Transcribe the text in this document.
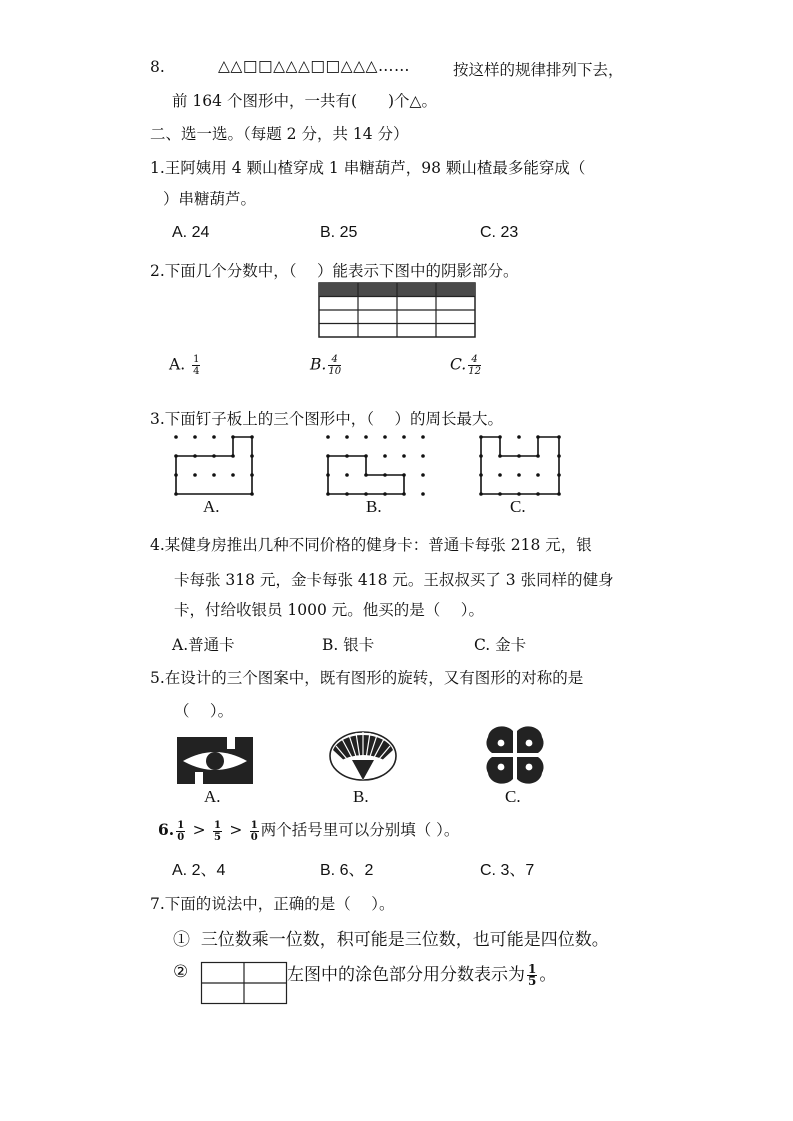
8.	△△□□△△△□□△△△……	按这样的规律排列下去，
前 164 个图形中，一共有(　　)个△。
二、选一选。（每题 2 分，共 14 分）
1.王阿姨用 4 颗山楂穿成 1 串糖葫芦，98 颗山楂最多能穿成（
）串糖葫芦。
A. 24	B. 25	C. 23
2.下面几个分数中，（　 ）能表示下图中的阴影部分。
A. $\frac{1}{4}$	B. $\frac{4}{10}$	C. $\frac{4}{12}$
3.下面钉子板上的三个图形中，（　 ）的周长最大。
A.	B.	C.
4.某健身房推出几种不同价格的健身卡：普通卡每张 218 元，银
卡每张 318 元，金卡每张 418 元。王叔叔买了 3 张同样的健身
卡，付给收银员 1000 元。他买的是（　 ）。
A.普通卡	B. 银卡	C. 金卡
5.在设计的三个图案中，既有图形的旋转，又有图形的对称的是
（　 ）。
A.	B.	C.
6. $\frac{1}{0} > \frac{1}{5} > \frac{1}{0}$ 两个括号里可以分别填（ ）。
A. 2、4	B. 6、2	C. 3、7
7.下面的说法中，正确的是（　 ）。
① 三位数乘一位数，积可能是三位数，也可能是四位数。
②	左图中的涂色部分用分数表示为 $\frac{1}{5}$ 。
